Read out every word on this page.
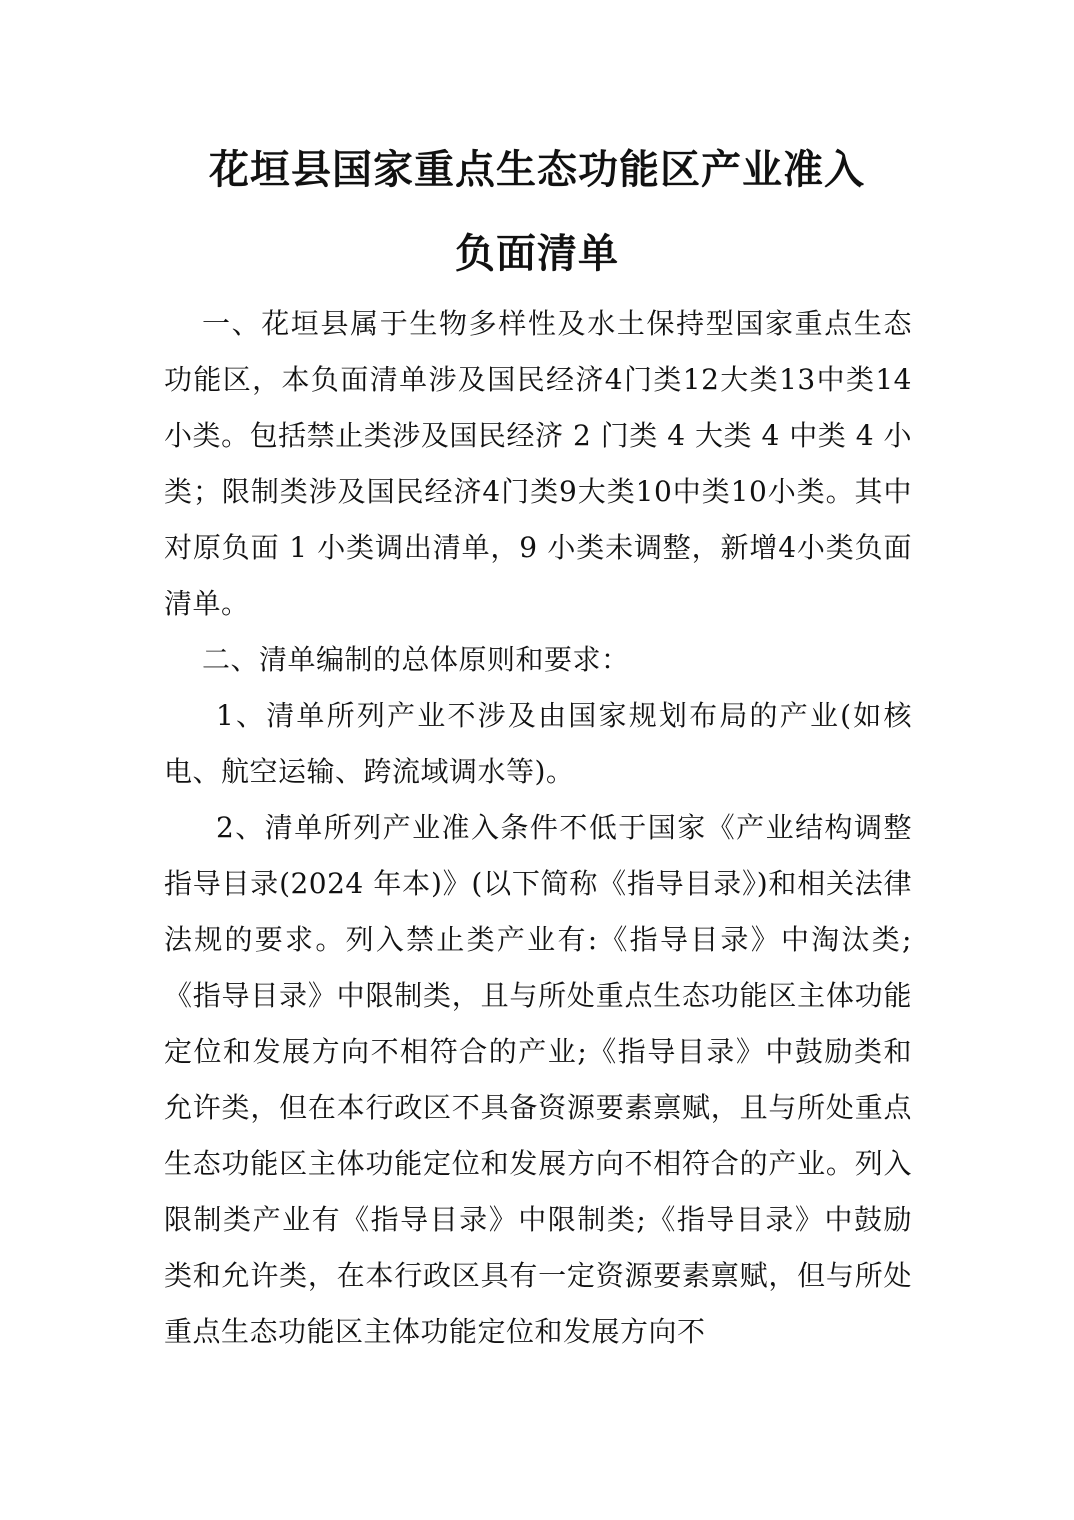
花垣县国家重点生态功能区产业准入
负面清单

一、花垣县属于生物多样性及水土保持型国家重点生态功能区，本负面清单涉及国民经济4门类12大类13中类14小类。包括禁止类涉及国民经济 2 门类 4 大类 4 中类 4 小类；限制类涉及国民经济4门类9大类10中类10小类。其中对原负面 1 小类调出清单，9 小类未调整，新增4小类负面清单。

二、清单编制的总体原则和要求：

1、清单所列产业不涉及由国家规划布局的产业(如核电、航空运输、跨流域调水等)。

2、清单所列产业准入条件不低于国家《产业结构调整指导目录(2024 年本)》(以下简称《指导目录》)和相关法律法规的要求。列入禁止类产业有:《指导目录》中淘汰类;《指导目录》中限制类，且与所处重点生态功能区主体功能定位和发展方向不相符合的产业;《指导目录》中鼓励类和允许类，但在本行政区不具备资源要素禀赋，且与所处重点生态功能区主体功能定位和发展方向不相符合的产业。列入限制类产业有《指导目录》中限制类;《指导目录》中鼓励类和允许类，在本行政区具有一定资源要素禀赋，但与所处重点生态功能区主体功能定位和发展方向不
